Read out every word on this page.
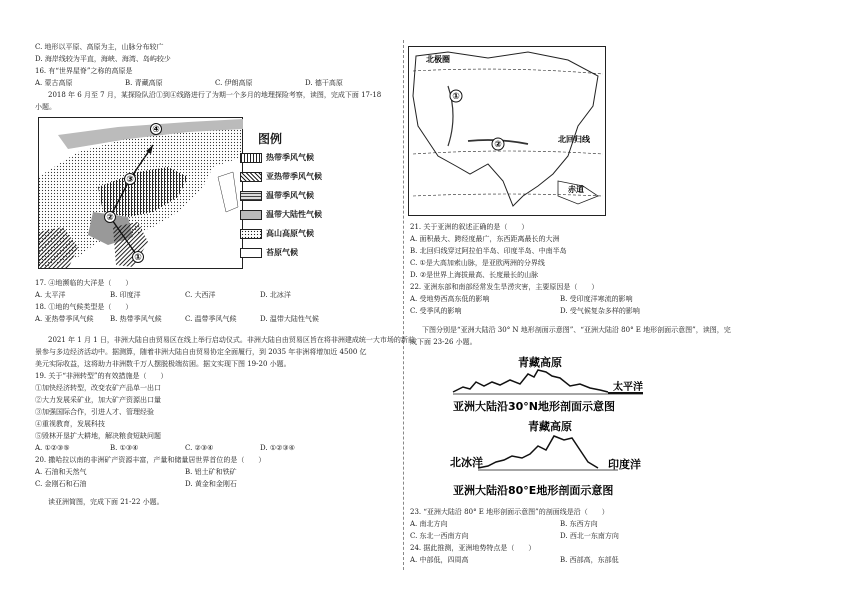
C. 地形以平原、高原为主，山脉分布较广
D. 海岸线较为平直，海峡、海湾、岛屿较少
16. 有“世界屋脊”之称的高原是
A. 蒙古高原	B. 青藏高原	C. 伊朗高原	D. 德干高原
2018 年 6 月至 7 月，某探险队沿①到④线路进行了为期一个多月的地理探险考察，读图，完成下面 17-18
小题。
①
②
③
④
图例
热带季风气候
亚热带季风气候
温带季风气候
温带大陆性气候
高山高原气候
苔原气候
17. ④地濒临的大洋是（　　）
A. 太平洋	B. 印度洋	C. 大西洋	D. 北冰洋
18. ①地的气候类型是（　　）
A. 亚热带季风气候 B. 热带季风气候	C. 温带季风气候	D. 温带大陆性气候
2021 年 1 月 1 日，非洲大陆自由贸易区在线上举行启动仪式。非洲大陆自由贸易区旨在将非洲建成统一大市场的新前
景参与多边经济活动中。据测算，随着非洲大陆自由贸易协定全面履行，到 2035 年非洲将增加近 4500 亿
美元实际收益，这将助力非洲数千万人摆脱极端贫困。据文实现下图 19-20 小题。
19. 关于“非洲转型”的有效措施是（　　）
①加快经济转型，改变农矿产品单一出口
②大力发展采矿业，加大矿产资源出口量
③加强国际合作，引进人才、管理经验
④重视教育，发展科技
⑤毁林开垦扩大耕地，解决粮食短缺问题
A. ①②③⑤	B. ①③④	C. ②③④	D. ①②③④
20. 撒哈拉以南的非洲矿产资源丰富，产量和储量居世界首位的是（　　）
A. 石油和天然气	B. 铝土矿和铁矿
C. 金刚石和石油	D. 黄金和金刚石
读亚洲简图，完成下面 21-22 小题。
北极圈
北回归线
赤道
①
②
21. 关于亚洲的叙述正确的是（　　）
A. 面积最大、跨经度最广，东西距离最长的大洲
B. 北回归线穿过阿拉伯半岛、印度半岛、中南半岛
C. ①是大高加索山脉，是亚欧两洲的分界线
D. ②是世界上海拔最高、长度最长的山脉
22. 亚洲东部和南部经常发生旱涝灾害，主要原因是（　　）
A. 受地势西高东低的影响	B. 受印度洋寒流的影响
C. 受季风的影响	D. 受气候复杂多样的影响
下图分别是“亚洲大陆沿 30° N 地形剖面示意图”、“亚洲大陆沿 80° E 地形剖面示意图”，读图，完
成下面 23-26 小题。
青藏高原
太平洋
亚洲大陆沿30°N地形剖面示意图
青藏高原
北冰洋	印度洋
亚洲大陆沿80°E地形剖面示意图
23. “亚洲大陆沿 80° E 地形剖面示意图”的剖面线是沿（　　）
A. 南北方向	B. 东西方向
C. 东北一西南方向	D. 西北一东南方向
24. 据此推测，亚洲地势特点是（　　）
A. 中部低，四周高	B. 西部高，东部低
